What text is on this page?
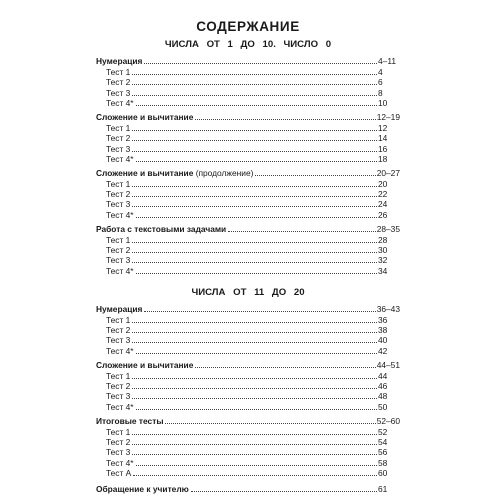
СОДЕРЖАНИЕ
ЧИСЛА ОТ 1 ДО 10. ЧИСЛО 0
Нумерация	4–11
Тест 1	4
Тест 2	6
Тест 3	8
Тест 4*	10
Сложение и вычитание	12–19
Тест 1	12
Тест 2	14
Тест 3	16
Тест 4*	18
Сложение и вычитание (продолжение)	20–27
Тест 1	20
Тест 2	22
Тест 3	24
Тест 4*	26
Работа с текстовыми задачами	28–35
Тест 1	28
Тест 2	30
Тест 3	32
Тест 4*	34
ЧИСЛА ОТ 11 ДО 20
Нумерация	36–43
Тест 1	36
Тест 2	38
Тест 3	40
Тест 4*	42
Сложение и вычитание	44–51
Тест 1	44
Тест 2	46
Тест 3	48
Тест 4*	50
Итоговые тесты	52–60
Тест 1	52
Тест 2	54
Тест 3	56
Тест 4*	58
Тест А	60
Обращение к учителю	61
